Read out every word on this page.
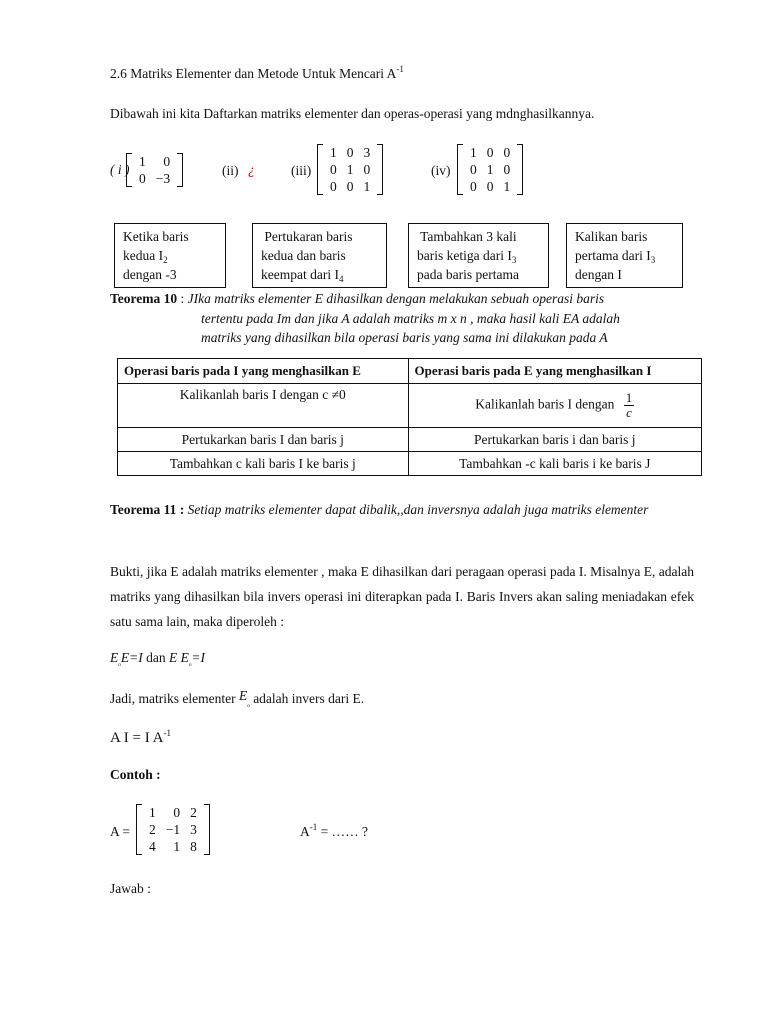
2.6 Matriks Elementer dan Metode Untuk Mencari $A^{-1}$
Dibawah ini kita Daftarkan matriks elementer dan operas-operasi yang mdnghasilkannya.
( i )
1	0
0	−3
(ii) ¿	(iii)
1	0	3
0	1	0
0	0	1
(iv)
1	0	0
0	1	0
0	0	1
Ketika baris
kedua $I_2$
dengan -3
Pertukaran baris
kedua dan baris
keempat dari $I_4$
Tambahkan 3 kali
baris ketiga dari $I_3$
pada baris pertama
Kalikan baris
pertama dari $I_3$
dengan I
Teorema 10 : JIka matriks elementer E dihasilkan dengan melakukan sebuah operasi baris
tertentu pada Im dan jika A adalah matriks m x n , maka hasil kali EA adalah
matriks yang dihasilkan bila operasi baris yang sama ini dilakukan pada A
Operasi baris pada I yang menghasilkan E	Operasi baris pada E yang menghasilkan I
Kalikanlah baris I dengan c ≠0	Kalikanlah baris I dengan $\frac{1}{c}$

Pertukarkan baris I dan baris j	Pertukarkan baris i dan baris j
Tambahkan c kali baris I ke baris j	Tambahkan -c kali baris i ke baris J
Teorema 11 : Setiap matriks elementer dapat dibalik,,dan inversnya adalah juga matriks elementer
Bukti, jika E adalah matriks elementer , maka E dihasilkan dari peragaan operasi pada I. Misalnya E, adalah matriks yang dihasilkan bila invers operasi ini diterapkan pada I. Baris Invers akan saling meniadakan efek satu sama lain, maka diperoleh :
$E_{_o}E=I$ dan E $E_{_o}=I$
Jadi, matriks elementer $E_{_o}$ adalah invers dari E.
A I = I $A^{-1}$
Contoh :
A =
1	0	2
2	−1	3
4	1	8
$A^{-1}$ = …… ?
Jawab :
